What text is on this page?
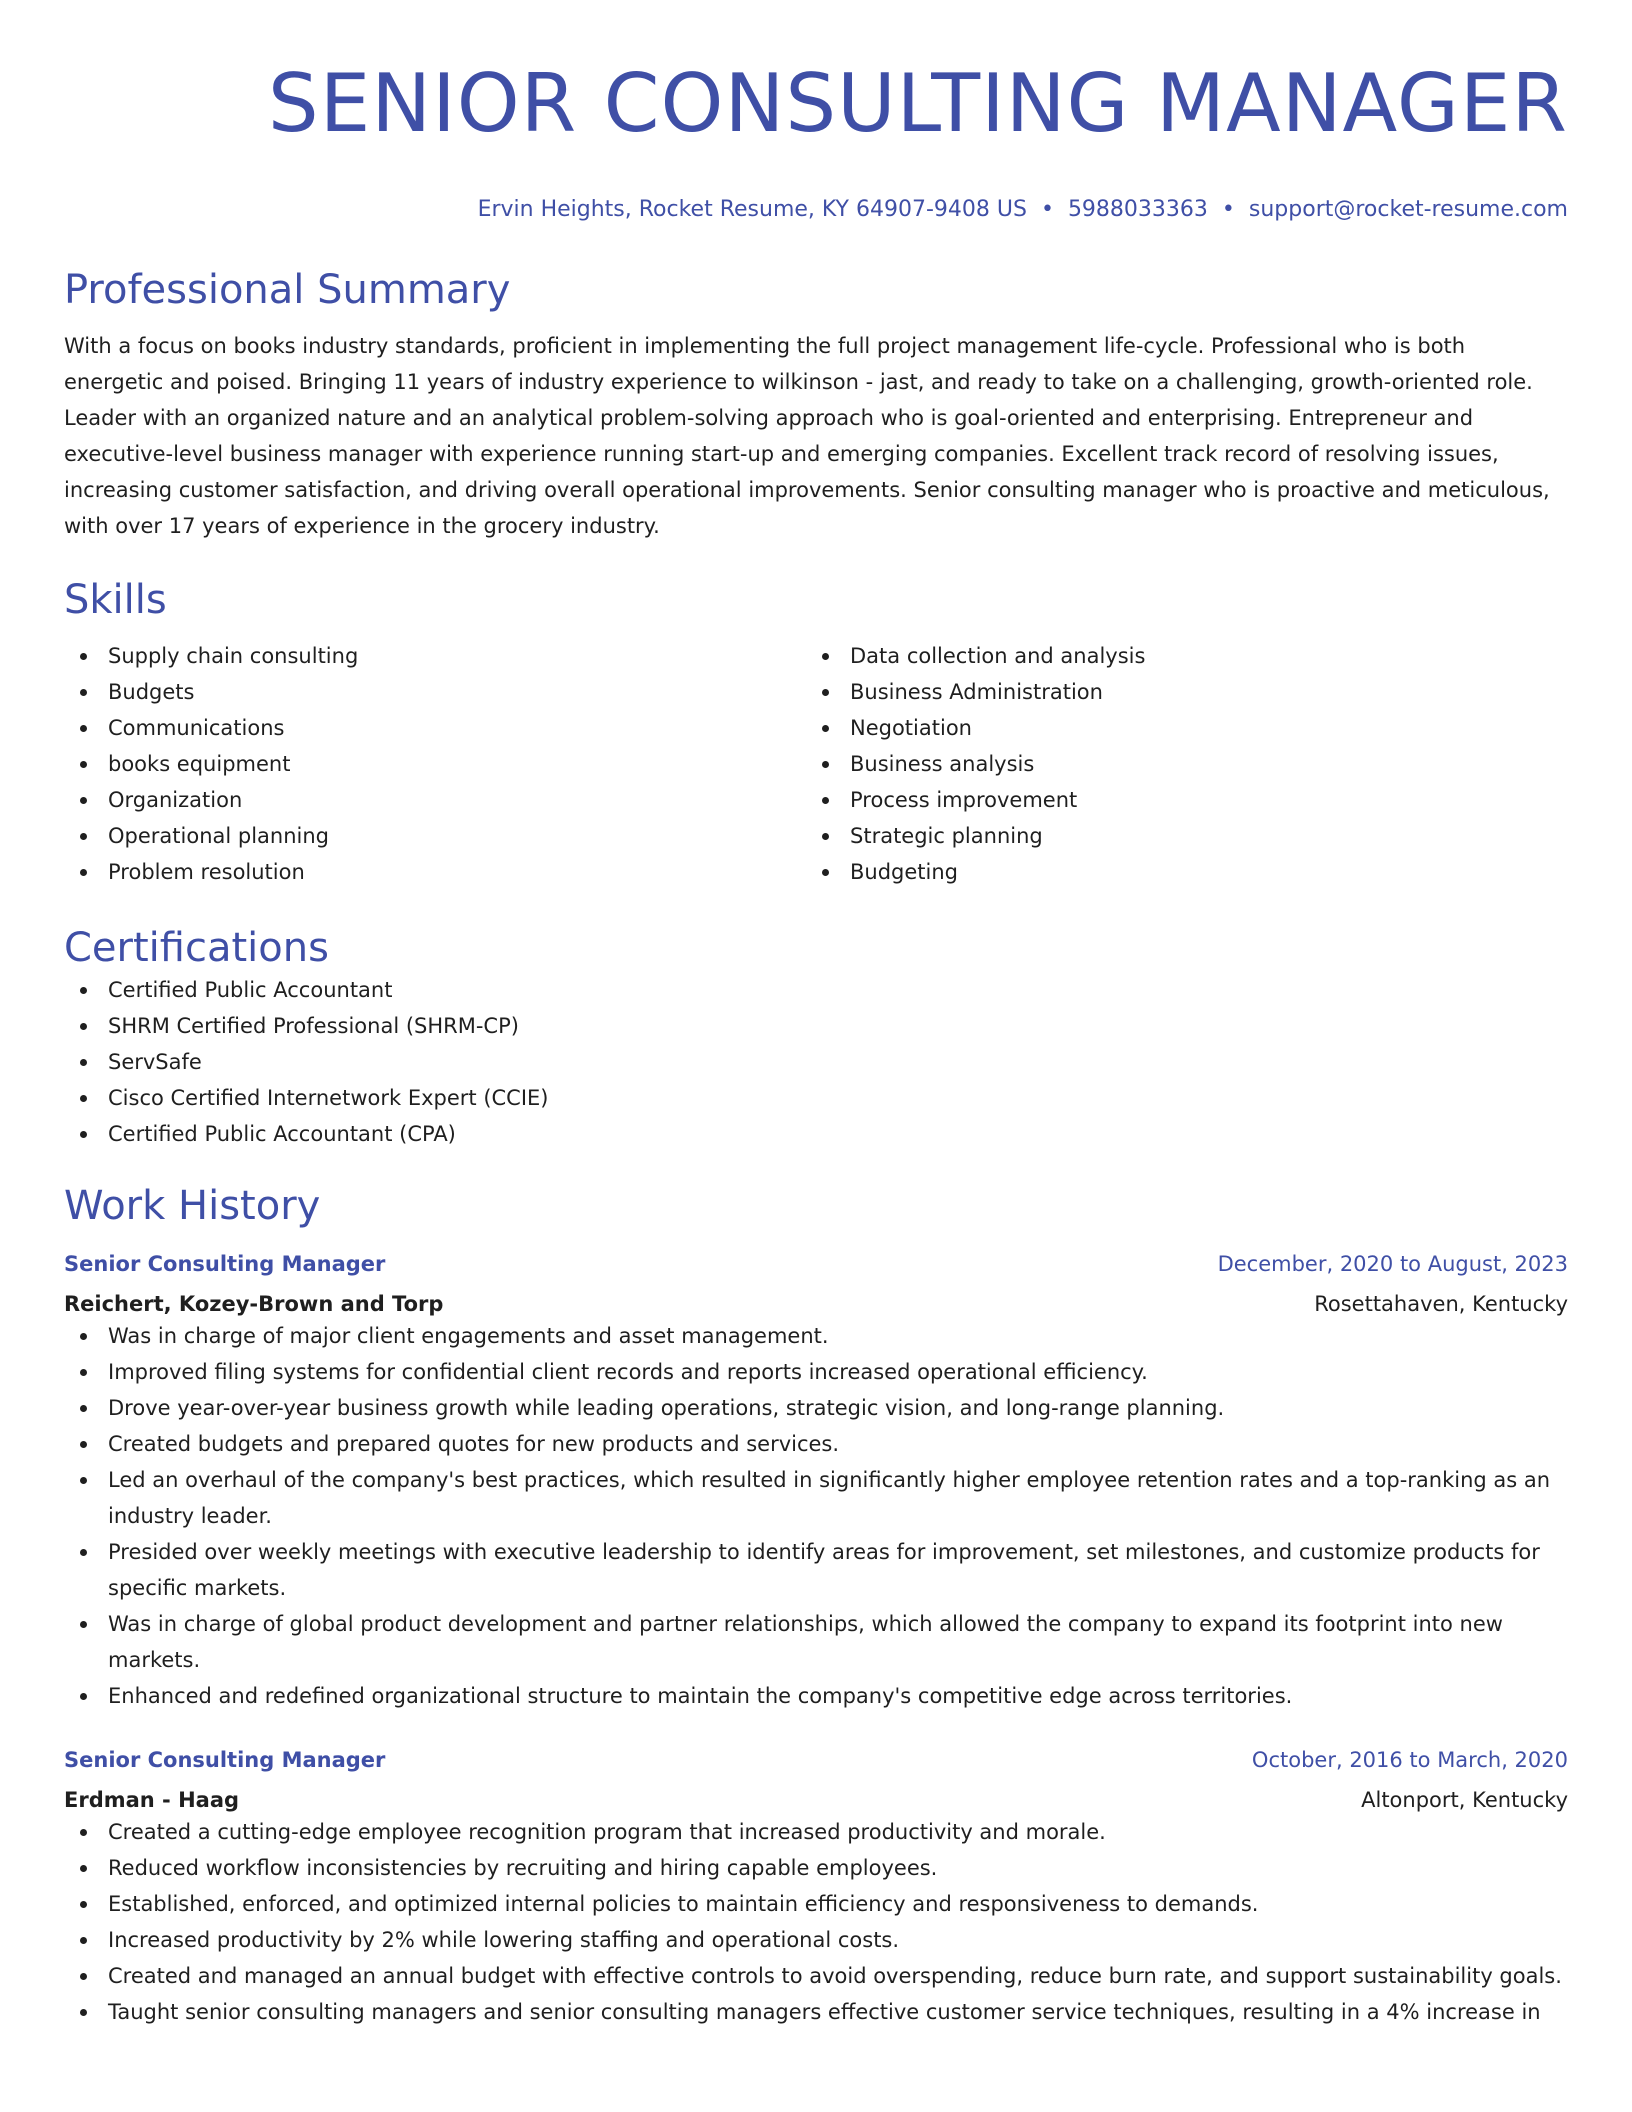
SENIOR CONSULTING MANAGER
Ervin Heights, Rocket Resume, KY 64907-9408 US • 5988033363 • support@rocket-resume.com
Professional Summary
With a focus on books industry standards, proficient in implementing the full project management life-cycle. Professional who is both energetic and poised. Bringing 11 years of industry experience to wilkinson - jast, and ready to take on a challenging, growth-oriented role. Leader with an organized nature and an analytical problem-solving approach who is goal-oriented and enterprising. Entrepreneur and executive-level business manager with experience running start-up and emerging companies. Excellent track record of resolving issues, increasing customer satisfaction, and driving overall operational improvements. Senior consulting manager who is proactive and meticulous, with over 17 years of experience in the grocery industry.
Skills
Supply chain consulting
Budgets
Communications
books equipment
Organization
Operational planning
Problem resolution
Data collection and analysis
Business Administration
Negotiation
Business analysis
Process improvement
Strategic planning
Budgeting
Certifications
Certified Public Accountant
SHRM Certified Professional (SHRM-CP)
ServSafe
Cisco Certified Internetwork Expert (CCIE)
Certified Public Accountant (CPA)
Work History
Senior Consulting Manager	December, 2020 to August, 2023
Reichert, Kozey-Brown and Torp	Rosettahaven, Kentucky
Was in charge of major client engagements and asset management.
Improved filing systems for confidential client records and reports increased operational efficiency.
Drove year-over-year business growth while leading operations, strategic vision, and long-range planning.
Created budgets and prepared quotes for new products and services.
Led an overhaul of the company's best practices, which resulted in significantly higher employee retention rates and a top-ranking as an industry leader.
Presided over weekly meetings with executive leadership to identify areas for improvement, set milestones, and customize products for specific markets.
Was in charge of global product development and partner relationships, which allowed the company to expand its footprint into new markets.
Enhanced and redefined organizational structure to maintain the company's competitive edge across territories.
Senior Consulting Manager	October, 2016 to March, 2020
Erdman - Haag	Altonport, Kentucky
Created a cutting-edge employee recognition program that increased productivity and morale.
Reduced workflow inconsistencies by recruiting and hiring capable employees.
Established, enforced, and optimized internal policies to maintain efficiency and responsiveness to demands.
Increased productivity by 2% while lowering staffing and operational costs.
Created and managed an annual budget with effective controls to avoid overspending, reduce burn rate, and support sustainability goals.
Taught senior consulting managers and senior consulting managers effective customer service techniques, resulting in a 4% increase in
